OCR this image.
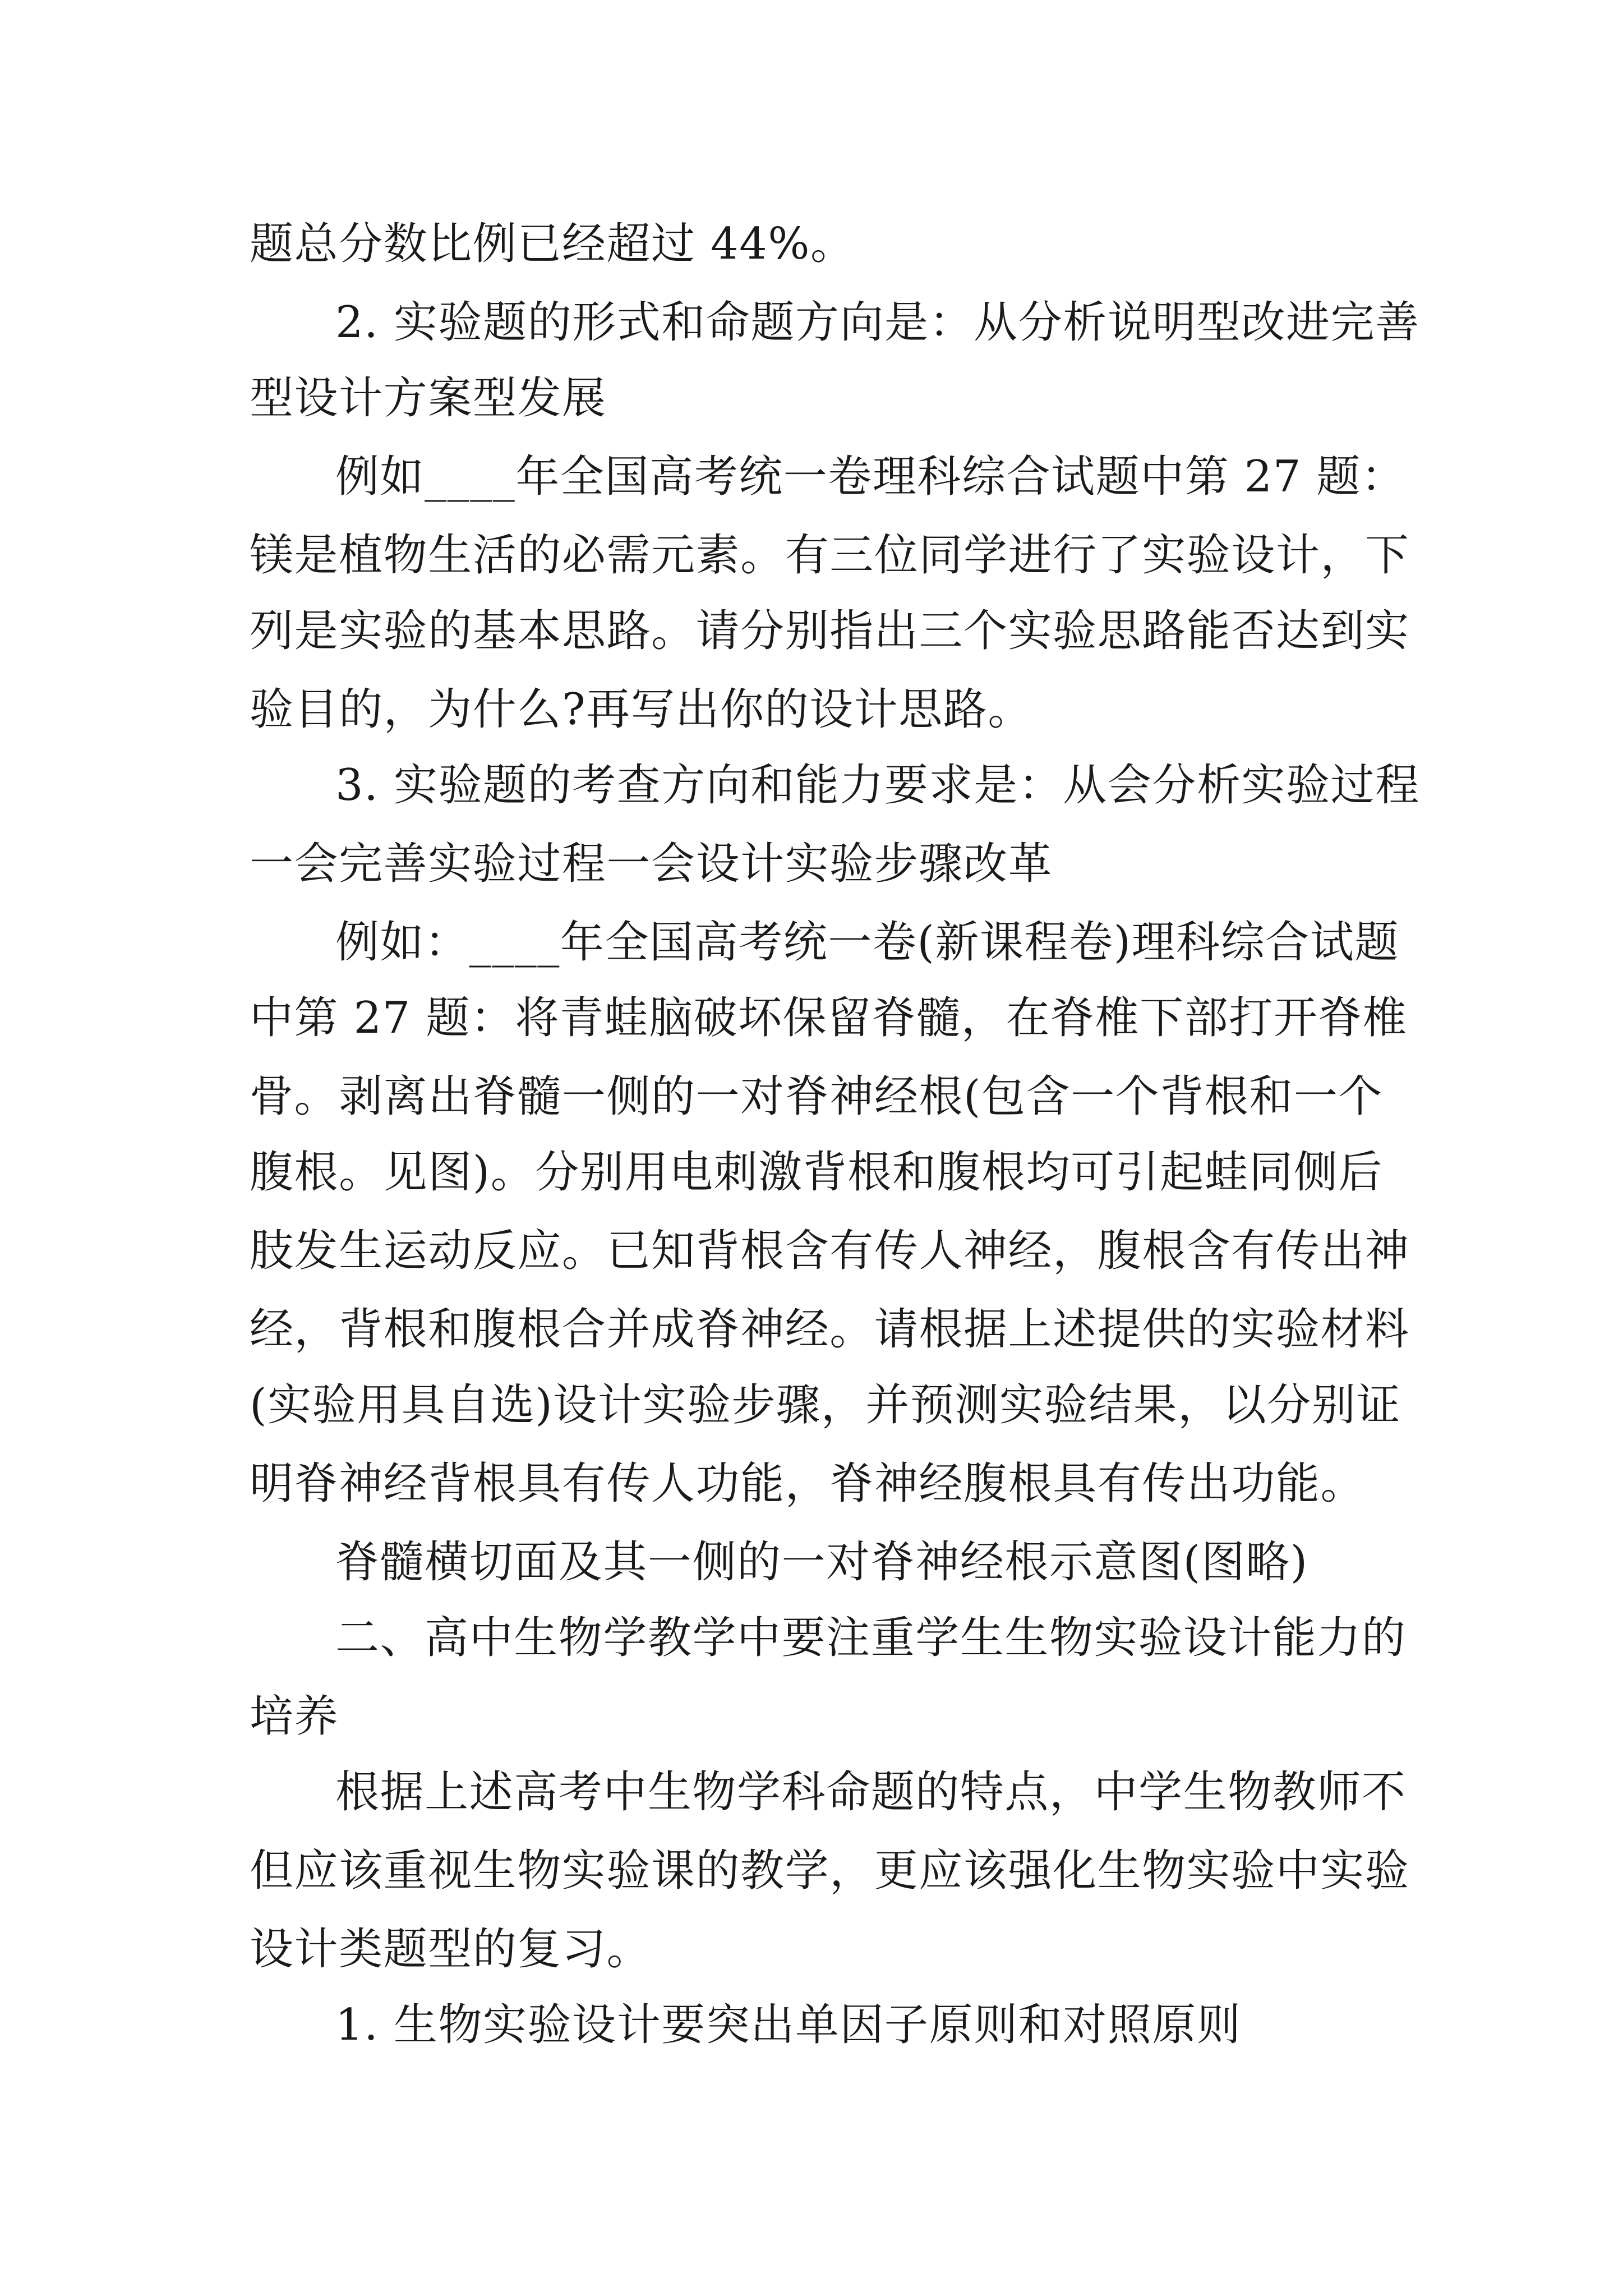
题总分数比例已经超过 44%。
2. 实验题的形式和命题方向是：从分析说明型改进完善
型设计方案型发展
例如____年全国高考统一卷理科综合试题中第 27 题：
镁是植物生活的必需元素。有三位同学进行了实验设计，下
列是实验的基本思路。请分别指出三个实验思路能否达到实
验目的，为什么?再写出你的设计思路。
3. 实验题的考查方向和能力要求是：从会分析实验过程
一会完善实验过程一会设计实验步骤改革
例如：____年全国高考统一卷(新课程卷)理科综合试题
中第 27 题：将青蛙脑破坏保留脊髓，在脊椎下部打开脊椎
骨。剥离出脊髓一侧的一对脊神经根(包含一个背根和一个
腹根。见图)。分别用电刺激背根和腹根均可引起蛙同侧后
肢发生运动反应。已知背根含有传人神经，腹根含有传出神
经，背根和腹根合并成脊神经。请根据上述提供的实验材料
(实验用具自选)设计实验步骤，并预测实验结果，以分别证
明脊神经背根具有传人功能，脊神经腹根具有传出功能。
脊髓横切面及其一侧的一对脊神经根示意图(图略)
二、高中生物学教学中要注重学生生物实验设计能力的
培养
根据上述高考中生物学科命题的特点，中学生物教师不
但应该重视生物实验课的教学，更应该强化生物实验中实验
设计类题型的复习。
1. 生物实验设计要突出单因子原则和对照原则
